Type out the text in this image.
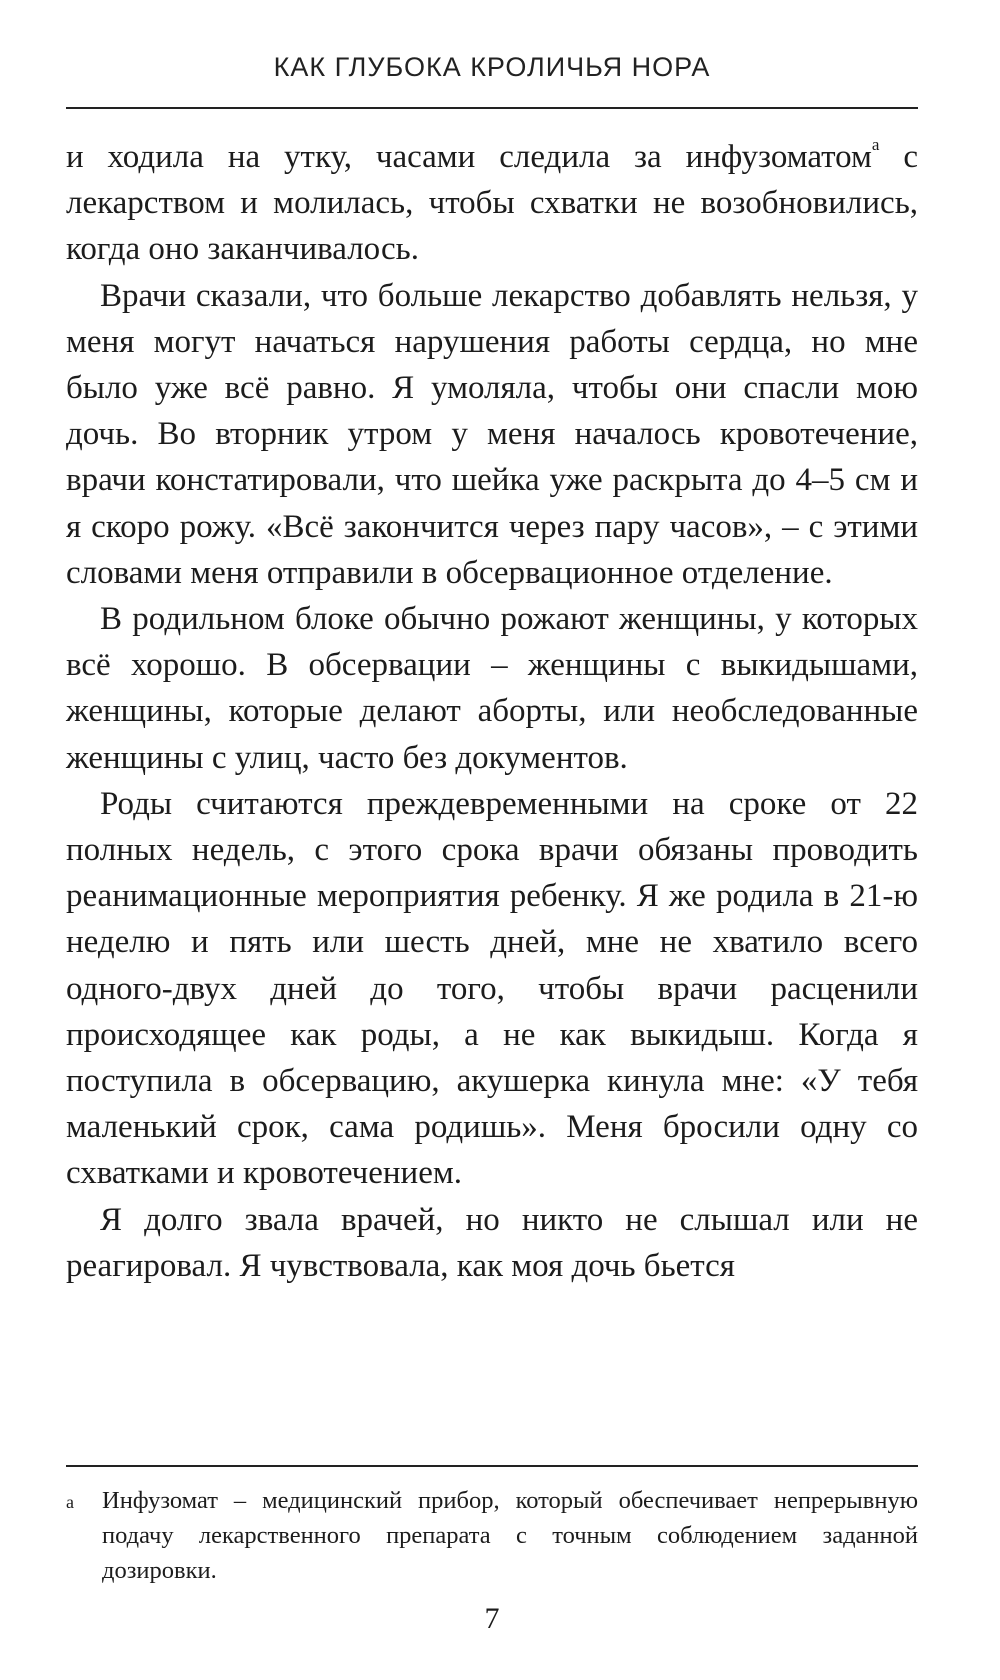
КАК ГЛУБОКА КРОЛИЧЬЯ НОРА

и ходила на утку, часами следила за инфузоматом$^a$ с лекарством и молилась, чтобы схватки не возобновились, когда оно заканчивалось.

Врачи сказали, что больше лекарство добавлять нельзя, у меня могут начаться нарушения работы сердца, но мне было уже всё равно. Я умоляла, чтобы они спасли мою дочь. Во вторник утром у меня началось кровотечение, врачи констатировали, что шейка уже раскрыта до 4–5 см и я скоро рожу. «Всё закончится через пару часов», – с этими словами меня отправили в обсервационное отделение.

В родильном блоке обычно рожают женщины, у которых всё хорошо. В обсервации – женщины с выкидышами, женщины, которые делают аборты, или необследованные женщины с улиц, часто без документов.

Роды считаются преждевременными на сроке от 22 полных недель, с этого срока врачи обязаны проводить реанимационные мероприятия ребенку. Я же родила в 21-ю неделю и пять или шесть дней, мне не хватило всего одного-двух дней до того, чтобы врачи расценили происходящее как роды, а не как выкидыш. Когда я поступила в обсервацию, акушерка кинула мне: «У тебя маленький срок, сама родишь». Меня бросили одну со схватками и кровотечением.

Я долго звала врачей, но никто не слышал или не реагировал. Я чувствовала, как моя дочь бьется

a	Инфузомат – медицинский прибор, который обеспечивает непрерывную подачу лекарственного препарата с точным соблюдением заданной дозировки.
7
